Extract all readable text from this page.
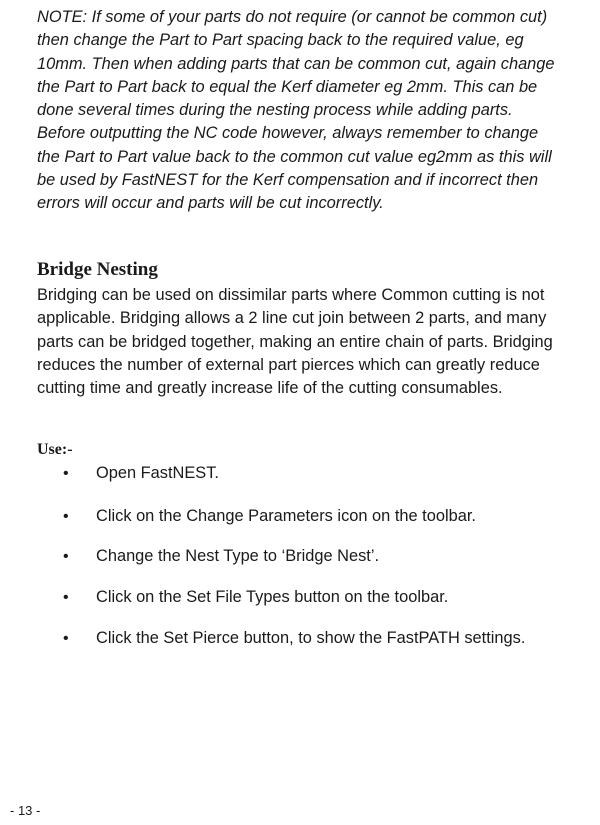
NOTE: If some of your parts do not require (or cannot be common cut) then change the Part to Part spacing back to the required value, eg 10mm. Then when adding parts that can be common cut, again change the Part to Part back to equal the Kerf diameter eg 2mm. This can be done several times during the nesting process while adding parts. Before outputting the NC code however, always remember to change the Part to Part value back to the common cut value eg2mm as this will be used by FastNEST for the Kerf compensation and if incorrect then errors will occur and parts will be cut incorrectly.

Bridge Nesting

Bridging can be used on dissimilar parts where Common cutting is not applicable. Bridging allows a 2 line cut join between 2 parts, and many parts can be bridged together, making an entire chain of parts. Bridging reduces the number of external part pierces which can greatly reduce cutting time and greatly increase life of the cutting consumables.

Use:-

• Open FastNEST.
• Click on the Change Parameters icon on the toolbar.
• Change the Nest Type to ‘Bridge Nest’.
• Click on the Set File Types button on the toolbar.
• Click the Set Pierce button, to show the FastPATH settings.

- 13 -
